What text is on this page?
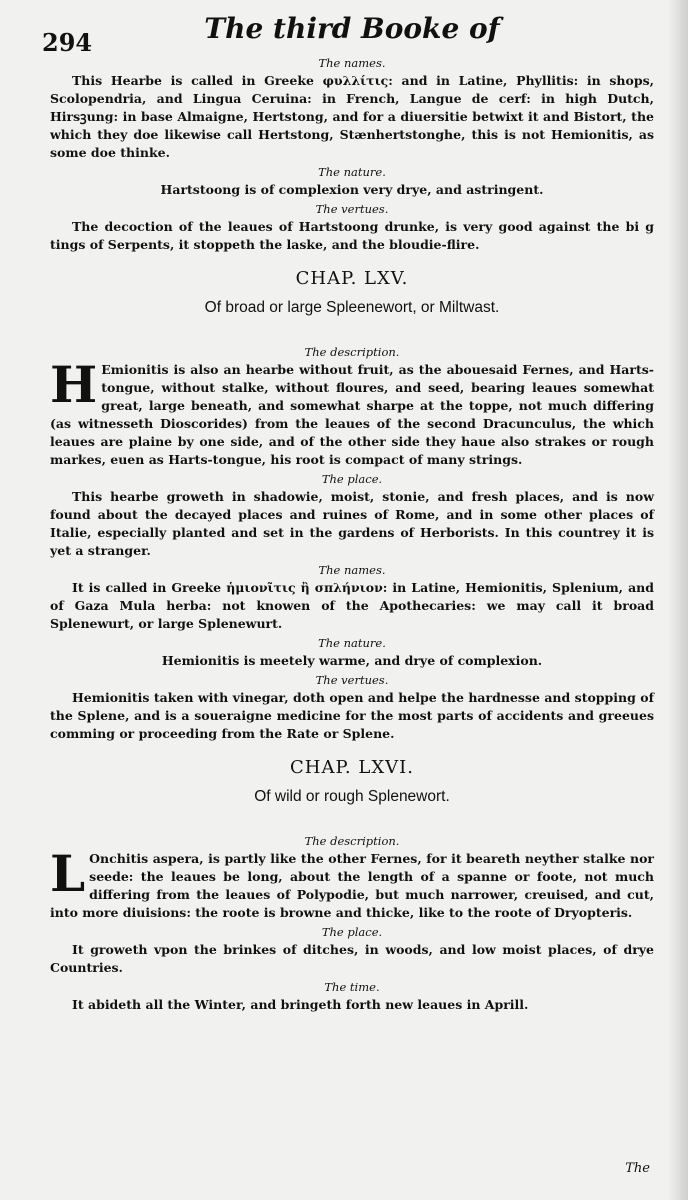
294	The third Booke of
The names.

This Hearbe is called in Greeke φυλλίτις: and in Latine, Phyllitis: in shops, Scolopendria, and Lingua Ceruina: in French, Langue de cerf: in high Dutch, Hirsꝫung: in base Almaigne, Hertstong, and for a diuersitie betwixt it and Bistort, the which they doe likewise call Hertstong, Stænhertstonghe, this is not Hemionitis, as some doe thinke.

The nature.

Hartstoong is of complexion very drye, and astringent.

The vertues.

The decoction of the leaues of Hartstoong drunke, is very good against the bi g tings of Serpents, it stoppeth the laske, and the bloudie-flire.

CHAP. LXV.
Of broad or large Spleenewort, or Miltwast.
The description.

H Emionitis is also an hearbe without fruit, as the abouesaid Fernes, and Harts-tongue, without stalke, without floures, and seed, bearing leaues somewhat great, large beneath, and somewhat sharpe at the toppe, not much differing (as witnesseth Dioscorides) from the leaues of the second Dracunculus, the which leaues are plaine by one side, and of the other side they haue also strakes or rough markes, euen as Harts-tongue, his root is compact of many strings.

The place.

This hearbe groweth in shadowie, moist, stonie, and fresh places, and is now found about the decayed places and ruines of Rome, and in some other places of Italie, especially planted and set in the gardens of Herborists. In this countrey it is yet a stranger.

The names.

It is called in Greeke ἡμιονῖτις ἢ σπλήνιον: in Latine, Hemionitis, Splenium, and of Gaza Mula herba: not knowen of the Apothecaries: we may call it broad Splenewurt, or large Splenewurt.

The nature.

Hemionitis is meetely warme, and drye of complexion.

The vertues.

Hemionitis taken with vinegar, doth open and helpe the hardnesse and stopping of the Splene, and is a soueraigne medicine for the most parts of accidents and greeues comming or proceeding from the Rate or Splene.

CHAP. LXVI.
Of wild or rough Splenewort.
The description.

L Onchitis aspera, is partly like the other Fernes, for it beareth neyther stalke nor seede: the leaues be long, about the length of a spanne or foote, not much differing from the leaues of Polypodie, but much narrower, creuised, and cut, into more diuisions: the roote is browne and thicke, like to the roote of Dryopteris.

The place.

It groweth vpon the brinkes of ditches, in woods, and low moist places, of drye Countries.

The time.

It abideth all the Winter, and bringeth forth new leaues in Aprill.

The
